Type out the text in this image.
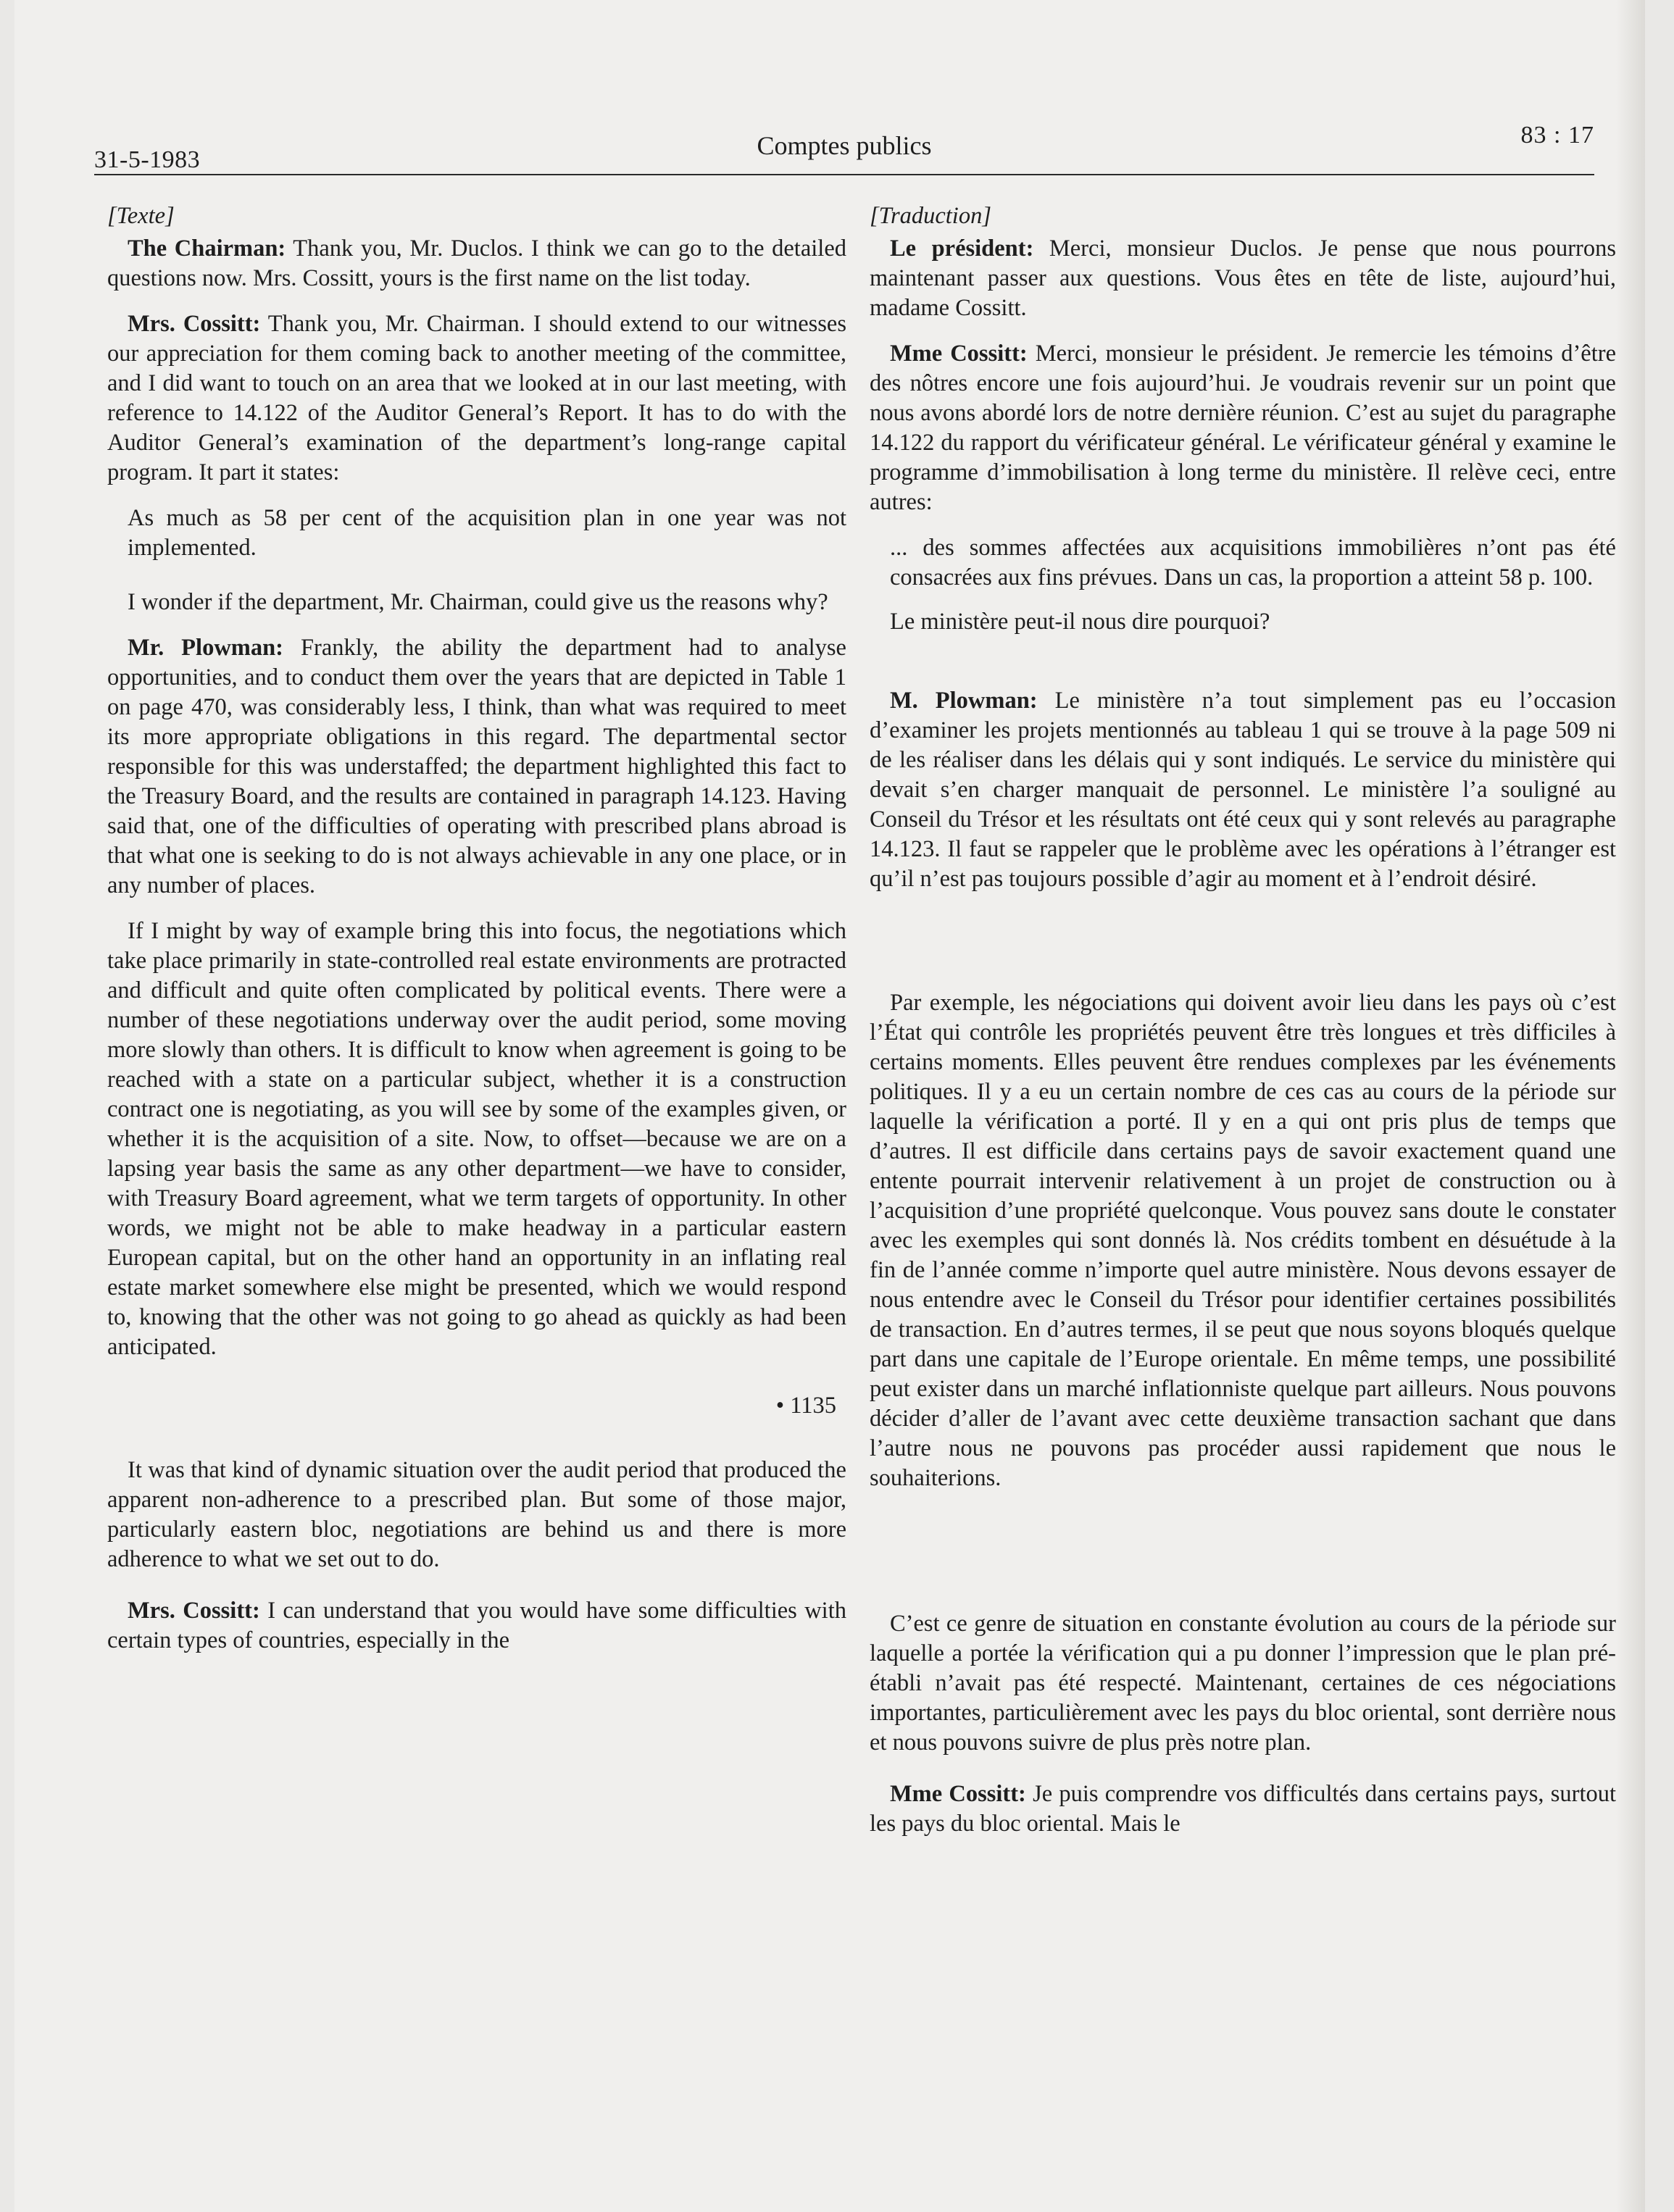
31-5-1983	Comptes publics	83 : 17

[Texte]

The Chairman: Thank you, Mr. Duclos. I think we can go to the detailed questions now. Mrs. Cossitt, yours is the first name on the list today.

Mrs. Cossitt: Thank you, Mr. Chairman. I should extend to our witnesses our appreciation for them coming back to another meeting of the committee, and I did want to touch on an area that we looked at in our last meeting, with reference to 14.122 of the Auditor General’s Report. It has to do with the Auditor General’s examination of the department’s long-range capital program. It part it states:

As much as 58 per cent of the acquisition plan in one year was not implemented.

I wonder if the department, Mr. Chairman, could give us the reasons why?

Mr. Plowman: Frankly, the ability the department had to analyse opportunities, and to conduct them over the years that are depicted in Table 1 on page 470, was considerably less, I think, than what was required to meet its more appropriate obligations in this regard. The departmental sector responsible for this was understaffed; the department highlighted this fact to the Treasury Board, and the results are contained in paragraph 14.123. Having said that, one of the difficulties of operating with prescribed plans abroad is that what one is seeking to do is not always achievable in any one place, or in any number of places.

If I might by way of example bring this into focus, the negotiations which take place primarily in state-controlled real estate environments are protracted and difficult and quite often complicated by political events. There were a number of these negotiations underway over the audit period, some moving more slowly than others. It is difficult to know when agreement is going to be reached with a state on a particular subject, whether it is a construction contract one is negotiating, as you will see by some of the examples given, or whether it is the acquisition of a site. Now, to offset—because we are on a lapsing year basis the same as any other department—we have to consider, with Treasury Board agreement, what we term targets of opportunity. In other words, we might not be able to make headway in a particular eastern European capital, but on the other hand an opportunity in an inflating real estate market somewhere else might be presented, which we would respond to, knowing that the other was not going to go ahead as quickly as had been anticipated.

• 1135

It was that kind of dynamic situation over the audit period that produced the apparent non-adherence to a prescribed plan. But some of those major, particularly eastern bloc, negotiations are behind us and there is more adherence to what we set out to do.

Mrs. Cossitt: I can understand that you would have some difficulties with certain types of countries, especially in the

[Traduction]

Le président: Merci, monsieur Duclos. Je pense que nous pourrons maintenant passer aux questions. Vous êtes en tête de liste, aujourd’hui, madame Cossitt.

Mme Cossitt: Merci, monsieur le président. Je remercie les témoins d’être des nôtres encore une fois aujourd’hui. Je voudrais revenir sur un point que nous avons abordé lors de notre dernière réunion. C’est au sujet du paragraphe 14.122 du rapport du vérificateur général. Le vérificateur général y examine le programme d’immobilisation à long terme du ministère. Il relève ceci, entre autres:

... des sommes affectées aux acquisitions immobilières n’ont pas été consacrées aux fins prévues. Dans un cas, la proportion a atteint 58 p. 100.

Le ministère peut-il nous dire pourquoi?

M. Plowman: Le ministère n’a tout simplement pas eu l’occasion d’examiner les projets mentionnés au tableau 1 qui se trouve à la page 509 ni de les réaliser dans les délais qui y sont indiqués. Le service du ministère qui devait s’en charger manquait de personnel. Le ministère l’a souligné au Conseil du Trésor et les résultats ont été ceux qui y sont relevés au paragraphe 14.123. Il faut se rappeler que le problème avec les opérations à l’étranger est qu’il n’est pas toujours possible d’agir au moment et à l’endroit désiré.

Par exemple, les négociations qui doivent avoir lieu dans les pays où c’est l’État qui contrôle les propriétés peuvent être très longues et très difficiles à certains moments. Elles peuvent être rendues complexes par les événements politiques. Il y a eu un certain nombre de ces cas au cours de la période sur laquelle la vérification a porté. Il y en a qui ont pris plus de temps que d’autres. Il est difficile dans certains pays de savoir exactement quand une entente pourrait intervenir relativement à un projet de construction ou à l’acquisition d’une propriété quelconque. Vous pouvez sans doute le constater avec les exemples qui sont donnés là. Nos crédits tombent en désuétude à la fin de l’année comme n’importe quel autre ministère. Nous devons essayer de nous entendre avec le Conseil du Trésor pour identifier certaines possibilités de transaction. En d’autres termes, il se peut que nous soyons bloqués quelque part dans une capitale de l’Europe orientale. En même temps, une possibilité peut exister dans un marché inflationniste quelque part ailleurs. Nous pouvons décider d’aller de l’avant avec cette deuxième transaction sachant que dans l’autre nous ne pouvons pas procéder aussi rapidement que nous le souhaiterions.

C’est ce genre de situation en constante évolution au cours de la période sur laquelle a portée la vérification qui a pu donner l’impression que le plan pré-établi n’avait pas été respecté. Maintenant, certaines de ces négociations importantes, particulièrement avec les pays du bloc oriental, sont derrière nous et nous pouvons suivre de plus près notre plan.

Mme Cossitt: Je puis comprendre vos difficultés dans certains pays, surtout les pays du bloc oriental. Mais le
